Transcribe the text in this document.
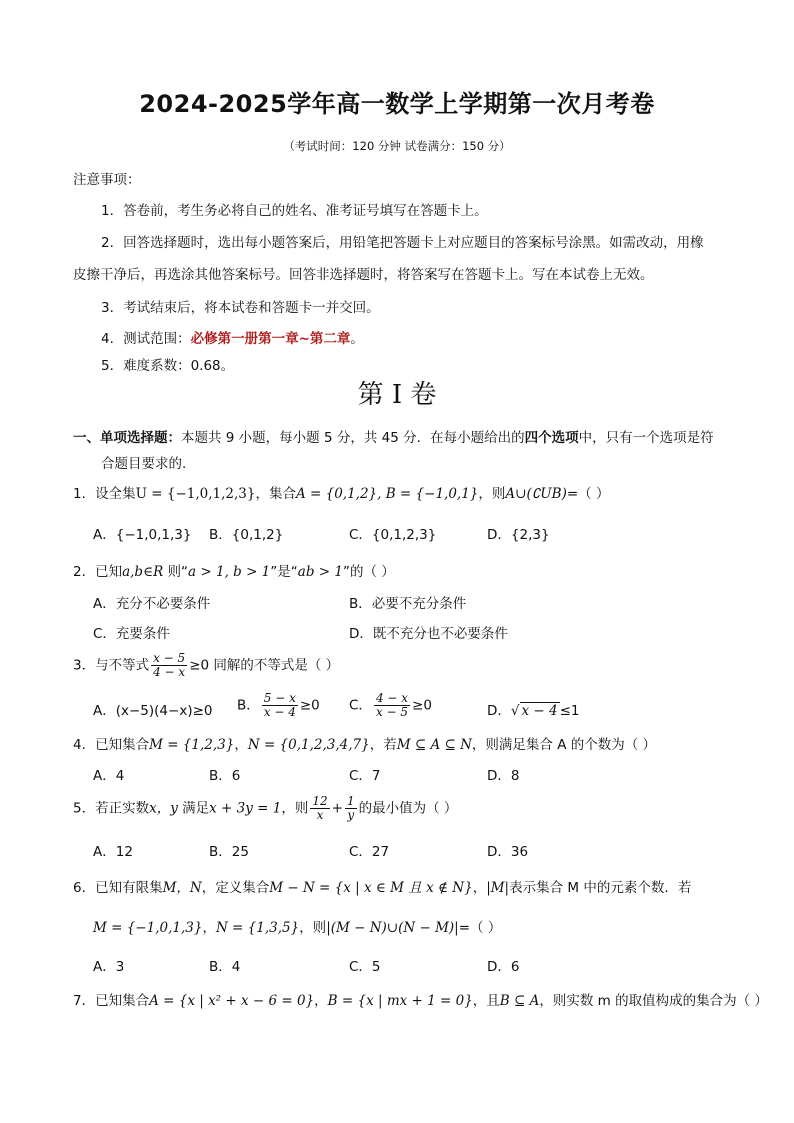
2024-2025学年高一数学上学期第一次月考卷
（考试时间：120 分钟 试卷满分：150 分）
注意事项：
1．答卷前，考生务必将自己的姓名、准考证号填写在答题卡上。
2．回答选择题时，选出每小题答案后，用铅笔把答题卡上对应题目的答案标号涂黑。如需改动，用橡
皮擦干净后，再选涂其他答案标号。回答非选择题时，将答案写在答题卡上。写在本试卷上无效。
3．考试结束后，将本试卷和答题卡一并交回。
4．测试范围：必修第一册第一章~第二章。
5．难度系数：0.68。
第 I 卷
一、单项选择题：本题共 9 小题，每小题 5 分，共 45 分．在每小题给出的四个选项中，只有一个选项是符
合题目要求的.
1．设全集U = {−1,0,1,2,3}，集合A = {0,1,2}, B = {−1,0,1}，则A∪(∁UB)=（ ）
A．{−1,0,1,3} B．{0,1,2}	C．{0,1,2,3}	D．{2,3}
2．已知a,b∈R 则“a > 1, b > 1”是“ab > 1”的（ ）
A．充分不必要条件	B．必要不充分条件
C．充要条件	D．既不充分也不必要条件
3．与不等式 $\frac{x - 5}{4 - x} \ge 0$ 同解的不等式是（ ）
A．(x−5)(4−x)≥0 B． $\frac{5 - x}{x - 4} \ge 0$ C． $\frac{4 - x}{x - 5} \ge 0$	D．√ x − 4 ≤1
4．已知集合M = {1,2,3}，N = {0,1,2,3,4,7}，若M ⊆ A ⊆ N，则满足集合 A 的个数为（ ）
A．4	B．6	C．7	D．8
5．若正实数x，y 满足x + 3y = 1，则 $\frac{12}{x} + \frac{1}{y}$ 的最小值为（ ）
A．12	B．25	C．27	D．36
6．已知有限集M，N，定义集合M − N = {x | x ∈ M 且 x ∉ N}，|M|表示集合 M 中的元素个数．若
M = {−1,0,1,3}，N = {1,3,5}，则|(M − N)∪(N − M)|=（ ）
A．3	B．4	C．5	D．6
7．已知集合A = {x | x² + x − 6 = 0}，B = {x | mx + 1 = 0}，且B ⊆ A，则实数 m 的取值构成的集合为（ ）
